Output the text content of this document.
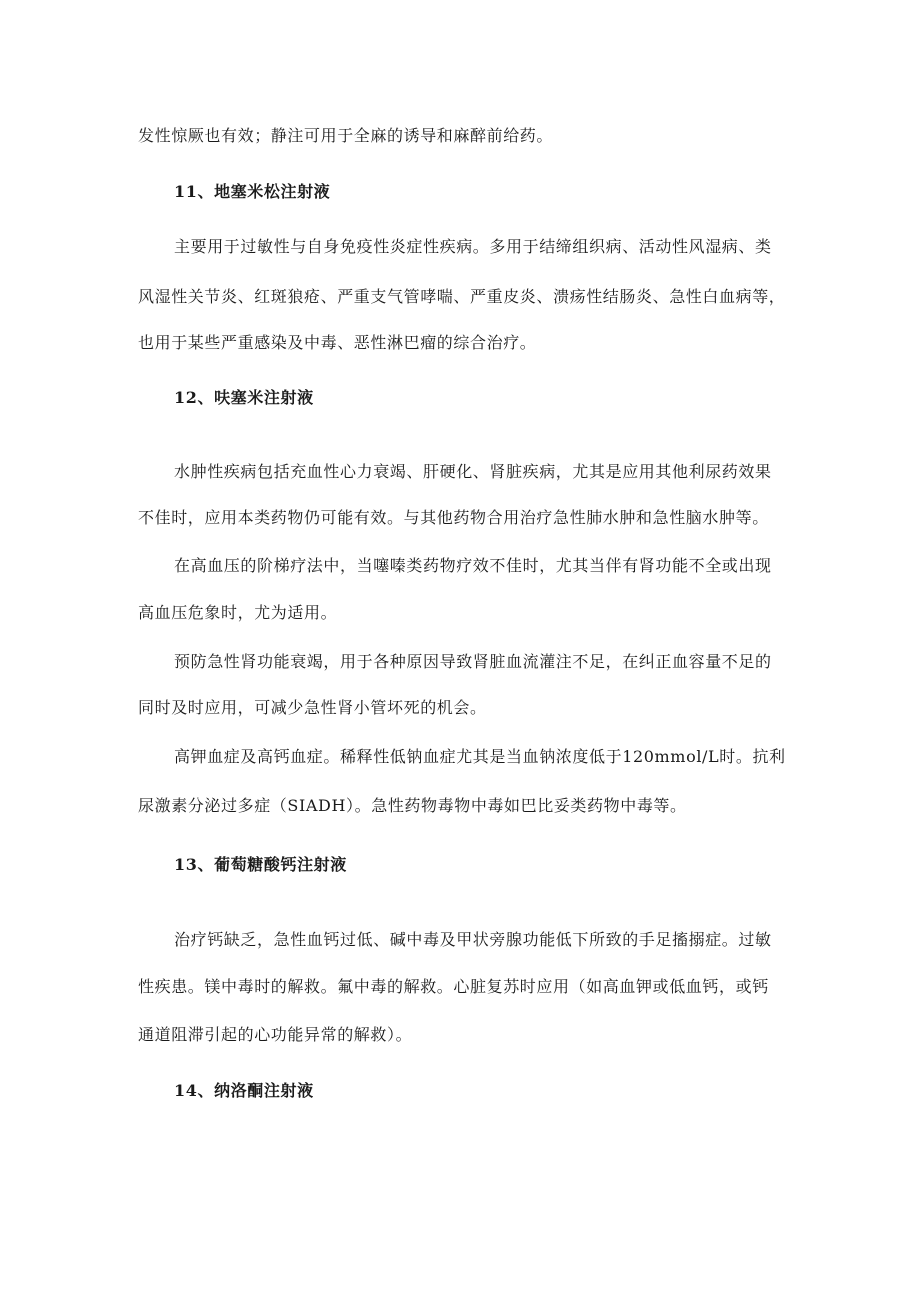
发性惊厥也有效；静注可用于全麻的诱导和麻醉前给药。
11、地塞米松注射液
主要用于过敏性与自身免疫性炎症性疾病。多用于结缔组织病、活动性风湿病、类
风湿性关节炎、红斑狼疮、严重支气管哮喘、严重皮炎、溃疡性结肠炎、急性白血病等，
也用于某些严重感染及中毒、恶性淋巴瘤的综合治疗。
12、呋塞米注射液
水肿性疾病包括充血性心力衰竭、肝硬化、肾脏疾病，尤其是应用其他利尿药效果
不佳时，应用本类药物仍可能有效。与其他药物合用治疗急性肺水肿和急性脑水肿等。
在高血压的阶梯疗法中，当噻嗪类药物疗效不佳时，尤其当伴有肾功能不全或出现
高血压危象时，尤为适用。
预防急性肾功能衰竭，用于各种原因导致肾脏血流灌注不足，在纠正血容量不足的
同时及时应用，可减少急性肾小管坏死的机会。
高钾血症及高钙血症。稀释性低钠血症尤其是当血钠浓度低于120mmol/L时。抗利
尿激素分泌过多症（SIADH）。急性药物毒物中毒如巴比妥类药物中毒等。
13、葡萄糖酸钙注射液
治疗钙缺乏，急性血钙过低、碱中毒及甲状旁腺功能低下所致的手足搐搦症。过敏
性疾患。镁中毒时的解救。氟中毒的解救。心脏复苏时应用（如高血钾或低血钙，或钙
通道阻滞引起的心功能异常的解救）。
14、纳洛酮注射液
